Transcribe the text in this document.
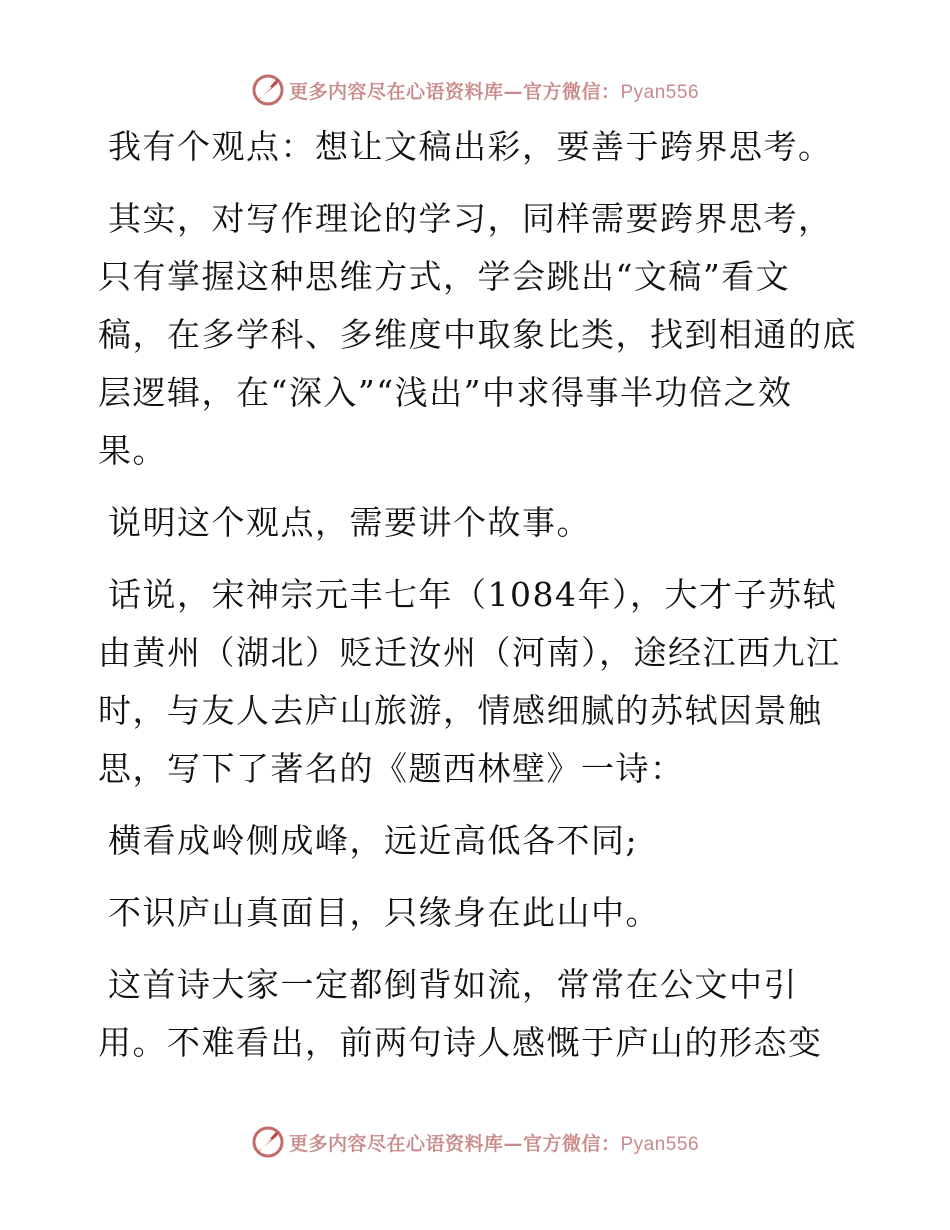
更多内容尽在心语资料库—官方微信：Pyan556

我有个观点：想让文稿出彩，要善于跨界思考。

其实，对写作理论的学习，同样需要跨界思考，
只有掌握这种思维方式，学会跳出“文稿”看文
稿，在多学科、多维度中取象比类，找到相通的底
层逻辑，在“深入”“浅出”中求得事半功倍之效
果。

说明这个观点，需要讲个故事。

话说，宋神宗元丰七年（1084年），大才子苏轼
由黄州（湖北）贬迁汝州（河南），途经江西九江
时，与友人去庐山旅游，情感细腻的苏轼因景触
思，写下了著名的《题西林壁》一诗：

横看成岭侧成峰，远近高低各不同;

不识庐山真面目，只缘身在此山中。

这首诗大家一定都倒背如流，常常在公文中引
用。不难看出，前两句诗人感慨于庐山的形态变

更多内容尽在心语资料库—官方微信：Pyan556
